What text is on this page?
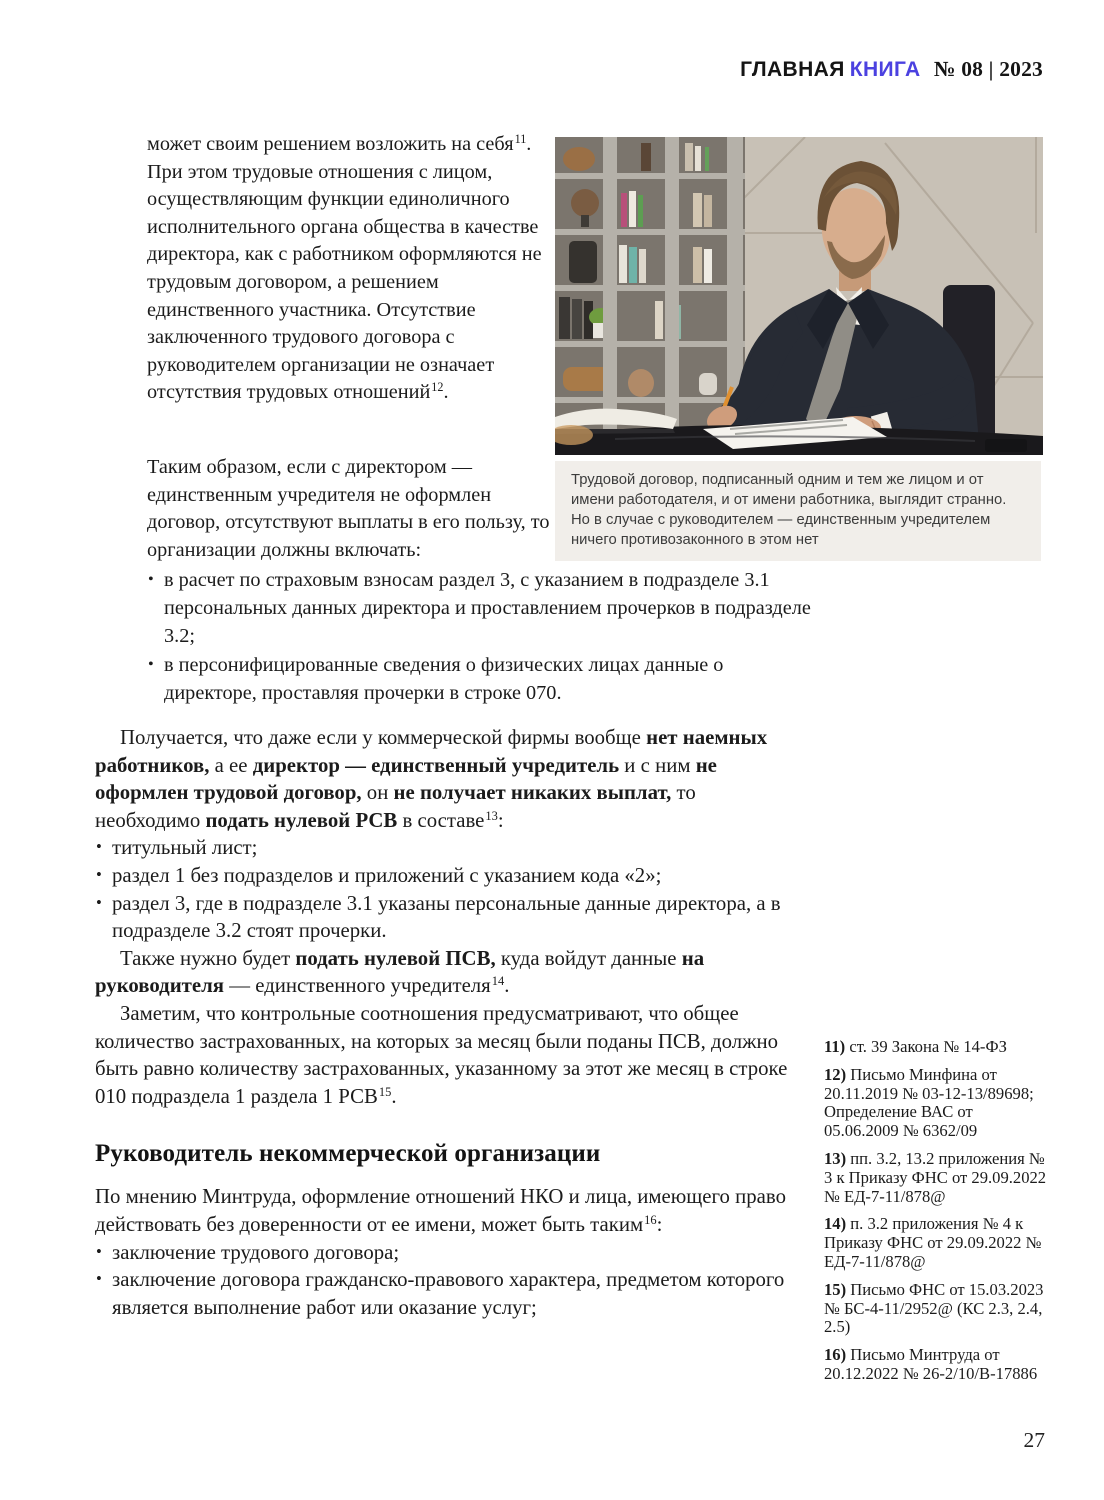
ГЛАВНАЯ КНИГА № 08 | 2023
может своим решением возложить на себя$^{11}$. При этом трудовые отношения с лицом, осуществляющим функции единоличного исполнительного органа общества в качестве директора, как с работником оформляются не трудовым договором, а решением единственного участника. Отсутствие заключенного трудового договора с руководителем организации не означает отсутствия трудовых отношений$^{12}$.
Таким образом, если с директором — единственным учредителя не оформлен договор, отсутствуют выплаты в его пользу, то организации должны включать:
• в расчет по страховым взносам раздел 3, с указанием в подразделе 3.1 персональных данных директора и проставлением прочерков в подразделе 3.2;
• в персонифицированные сведения о физических лицах данные о директоре, проставляя прочерки в строке 070.
Трудовой договор, подписанный одним и тем же лицом и от имени работодателя, и от имени работника, выглядит странно. Но в случае с руководителем — единственным учредителем ничего противозаконного в этом нет

Получается, что даже если у коммерческой фирмы вообще нет наемных работников, а ее директор — единственный учредитель и с ним не оформлен трудовой договор, он не получает никаких выплат, то необходимо подать нулевой РСВ в составе$^{13}$:

• титульный лист;
• раздел 1 без подразделов и приложений с указанием кода «2»;
• раздел 3, где в подразделе 3.1 указаны персональные данные директора, а в подразделе 3.2 стоят прочерки.

Также нужно будет подать нулевой ПСВ, куда войдут данные на руководителя — единственного учредителя$^{14}$.

Заметим, что контрольные соотношения предусматривают, что общее количество застрахованных, на которых за месяц были поданы ПСВ, должно быть равно количеству застрахованных, указанному за этот же месяц в строке 010 подраздела 1 раздела 1 РСВ$^{15}$.

Руководитель некоммерческой организации

По мнению Минтруда, оформление отношений НКО и лица, имеющего право действовать без доверенности от ее имени, может быть таким$^{16}$:

• заключение трудового договора;
• заключение договора гражданско-правового характера, предметом которого является выполнение работ или оказание услуг;

11) ст. 39 Закона № 14-ФЗ

12) Письмо Минфина от 20.11.2019 № 03-12-13/89698; Определение ВАС от 05.06.2009 № 6362/09

13) пп. 3.2, 13.2 приложения № 3 к Приказу ФНС от 29.09.2022 № ЕД-7-11/878@

14) п. 3.2 приложения № 4 к Приказу ФНС от 29.09.2022 № ЕД-7-11/878@

15) Письмо ФНС от 15.03.2023 № БС-4-11/2952@ (КС 2.3, 2.4, 2.5)

16) Письмо Минтруда от 20.12.2022 № 26-2/10/В-17886

27
